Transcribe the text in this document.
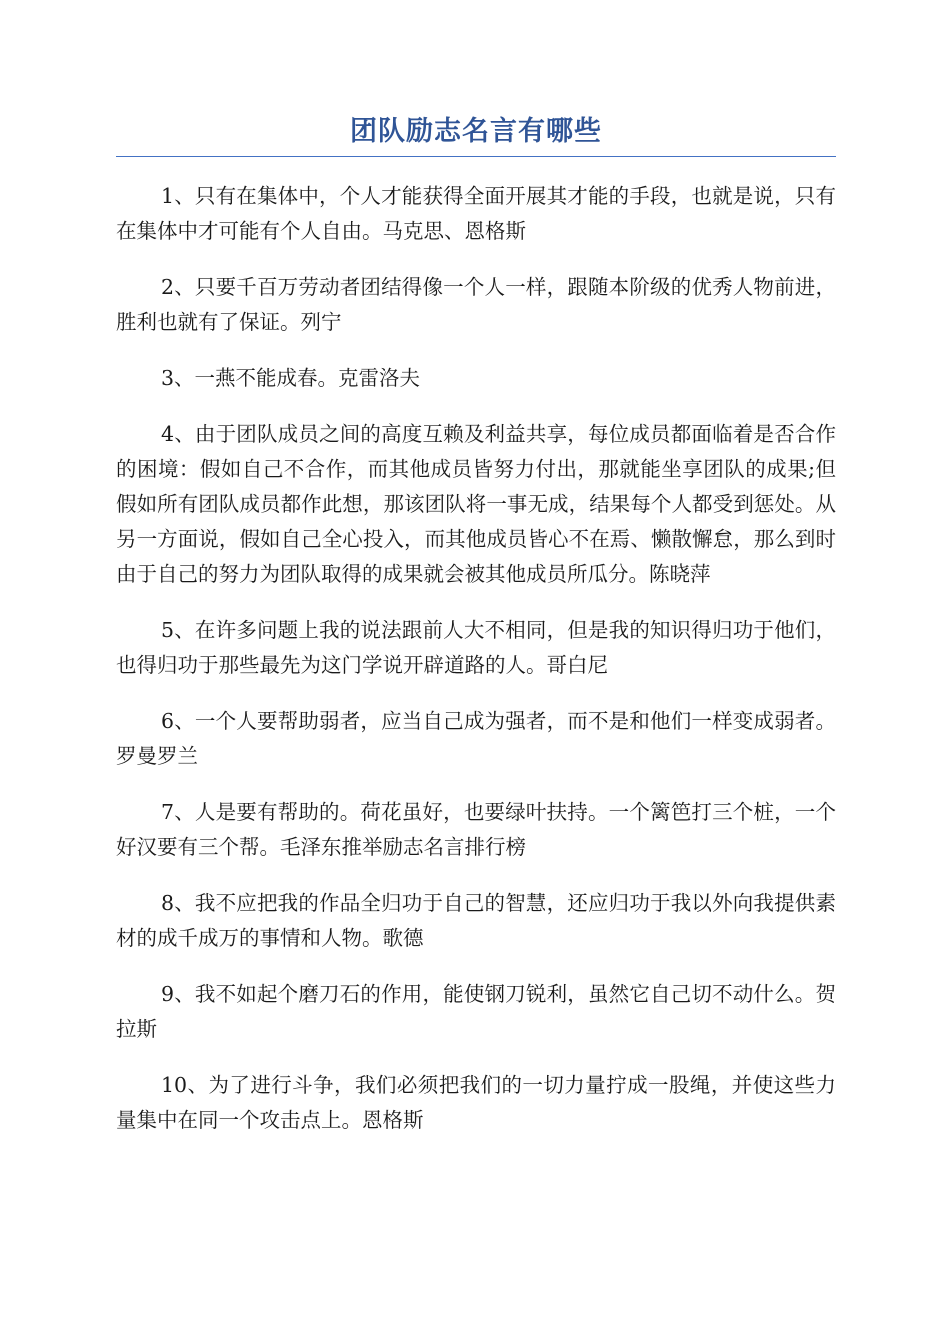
团队励志名言有哪些

1、只有在集体中，个人才能获得全面开展其才能的手段，也就是说，只有在集体中才可能有个人自由。马克思、恩格斯

2、只要千百万劳动者团结得像一个人一样，跟随本阶级的优秀人物前进，胜利也就有了保证。列宁

3、一燕不能成春。克雷洛夫

4、由于团队成员之间的高度互赖及利益共享，每位成员都面临着是否合作的困境：假如自己不合作，而其他成员皆努力付出，那就能坐享团队的成果;但假如所有团队成员都作此想，那该团队将一事无成，结果每个人都受到惩处。从另一方面说，假如自己全心投入，而其他成员皆心不在焉、懒散懈怠，那么到时由于自己的努力为团队取得的成果就会被其他成员所瓜分。陈晓萍

5、在许多问题上我的说法跟前人大不相同，但是我的知识得归功于他们，也得归功于那些最先为这门学说开辟道路的人。哥白尼

6、一个人要帮助弱者，应当自己成为强者，而不是和他们一样变成弱者。罗曼罗兰

7、人是要有帮助的。荷花虽好，也要绿叶扶持。一个篱笆打三个桩，一个好汉要有三个帮。毛泽东推举励志名言排行榜

8、我不应把我的作品全归功于自己的智慧，还应归功于我以外向我提供素材的成千成万的事情和人物。歌德

9、我不如起个磨刀石的作用，能使钢刀锐利，虽然它自己切不动什么。贺拉斯

10、为了进行斗争，我们必须把我们的一切力量拧成一股绳，并使这些力量集中在同一个攻击点上。恩格斯
